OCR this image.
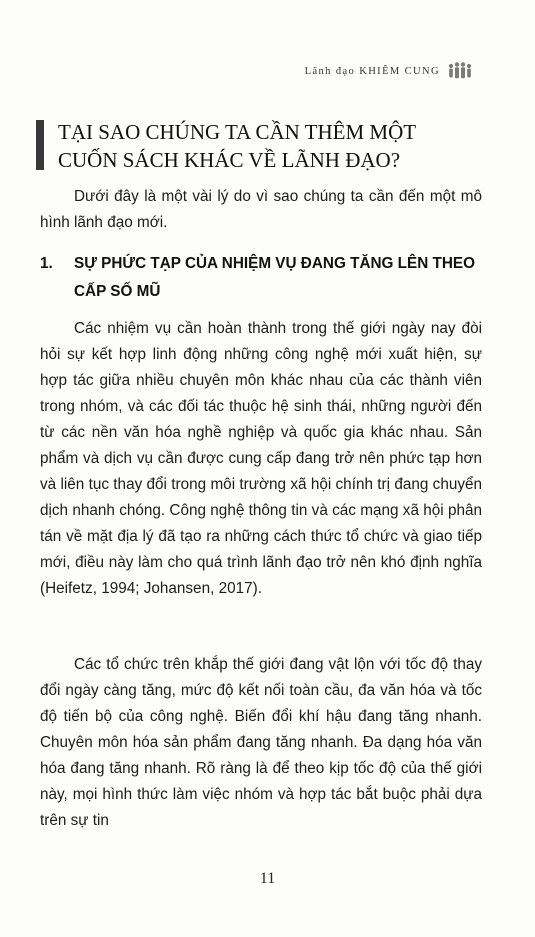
Lãnh đạo KHIÊM CUNG
TẠI SAO CHÚNG TA CẦN THÊM MỘT
CUỐN SÁCH KHÁC VỀ LÃNH ĐẠO?

Dưới đây là một vài lý do vì sao chúng ta cần đến một mô hình lãnh đạo mới.

1.	SỰ PHỨC TẠP CỦA NHIỆM VỤ ĐANG TĂNG LÊN THEO CẤP SỐ MŨ

Các nhiệm vụ cần hoàn thành trong thế giới ngày nay đòi hỏi sự kết hợp linh động những công nghệ mới xuất hiện, sự hợp tác giữa nhiều chuyên môn khác nhau của các thành viên trong nhóm, và các đối tác thuộc hệ sinh thái, những người đến từ các nền văn hóa nghề nghiệp và quốc gia khác nhau. Sản phẩm và dịch vụ cần được cung cấp đang trở nên phức tạp hơn và liên tục thay đổi trong môi trường xã hội chính trị đang chuyển dịch nhanh chóng. Công nghệ thông tin và các mạng xã hội phân tán về mặt địa lý đã tạo ra những cách thức tổ chức và giao tiếp mới, điều này làm cho quá trình lãnh đạo trở nên khó định nghĩa (Heifetz, 1994; Johansen, 2017).

Các tổ chức trên khắp thế giới đang vật lộn với tốc độ thay đổi ngày càng tăng, mức độ kết nối toàn cầu, đa văn hóa và tốc độ tiến bộ của công nghệ. Biến đổi khí hậu đang tăng nhanh. Chuyên môn hóa sản phẩm đang tăng nhanh. Đa dạng hóa văn hóa đang tăng nhanh. Rõ ràng là để theo kịp tốc độ của thế giới này, mọi hình thức làm việc nhóm và hợp tác bắt buộc phải dựa trên sự tin

11
